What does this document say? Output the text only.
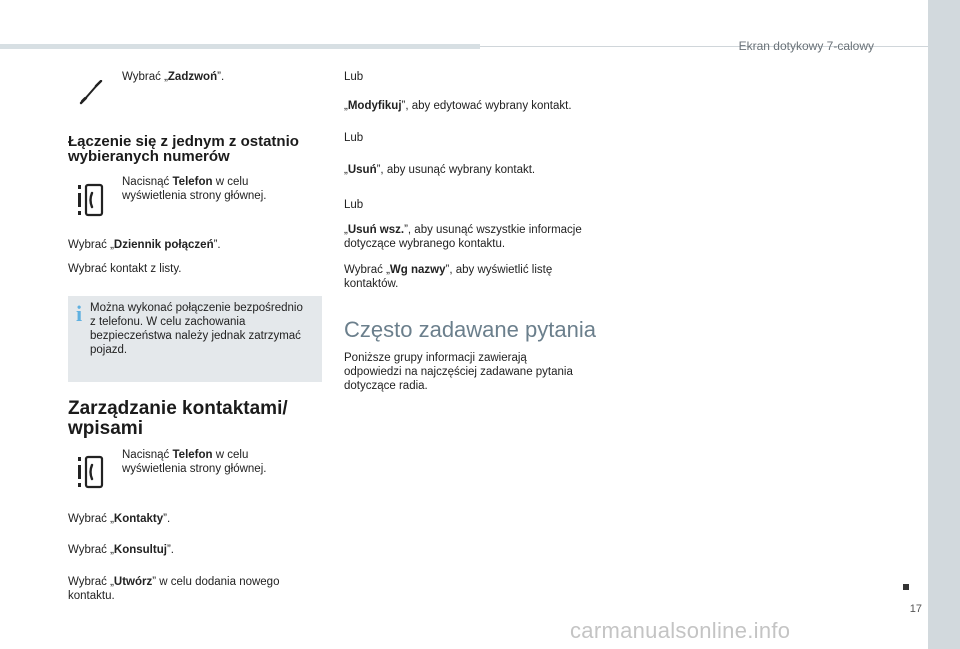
Ekran dotykowy 7-calowy
17
carmanualsonline.info

Wybrać „Zadzwoń”.

Łączenie się z jednym z ostatnio
wybieranych numerów

Nacisnąć Telefon w celu
wyświetlenia strony głównej.

Wybrać „Dziennik połączeń”.

Wybrać kontakt z listy.

i Można wykonać połączenie bezpośrednio
z telefonu. W celu zachowania
bezpieczeństwa należy jednak zatrzymać
pojazd.
Zarządzanie kontaktami/
wpisami

Nacisnąć Telefon w celu
wyświetlenia strony głównej.

Wybrać „Kontakty”.

Wybrać „Konsultuj”.

Wybrać „Utwórz” w celu dodania nowego
kontaktu.

Lub

„Modyfikuj”, aby edytować wybrany kontakt.

Lub

„Usuń”, aby usunąć wybrany kontakt.

Lub

„Usuń wsz.”, aby usunąć wszystkie informacje
dotyczące wybranego kontaktu.

Wybrać „Wg nazwy”, aby wyświetlić listę
kontaktów.

Często zadawane pytania

Poniższe grupy informacji zawierają
odpowiedzi na najczęściej zadawane pytania
dotyczące radia.
